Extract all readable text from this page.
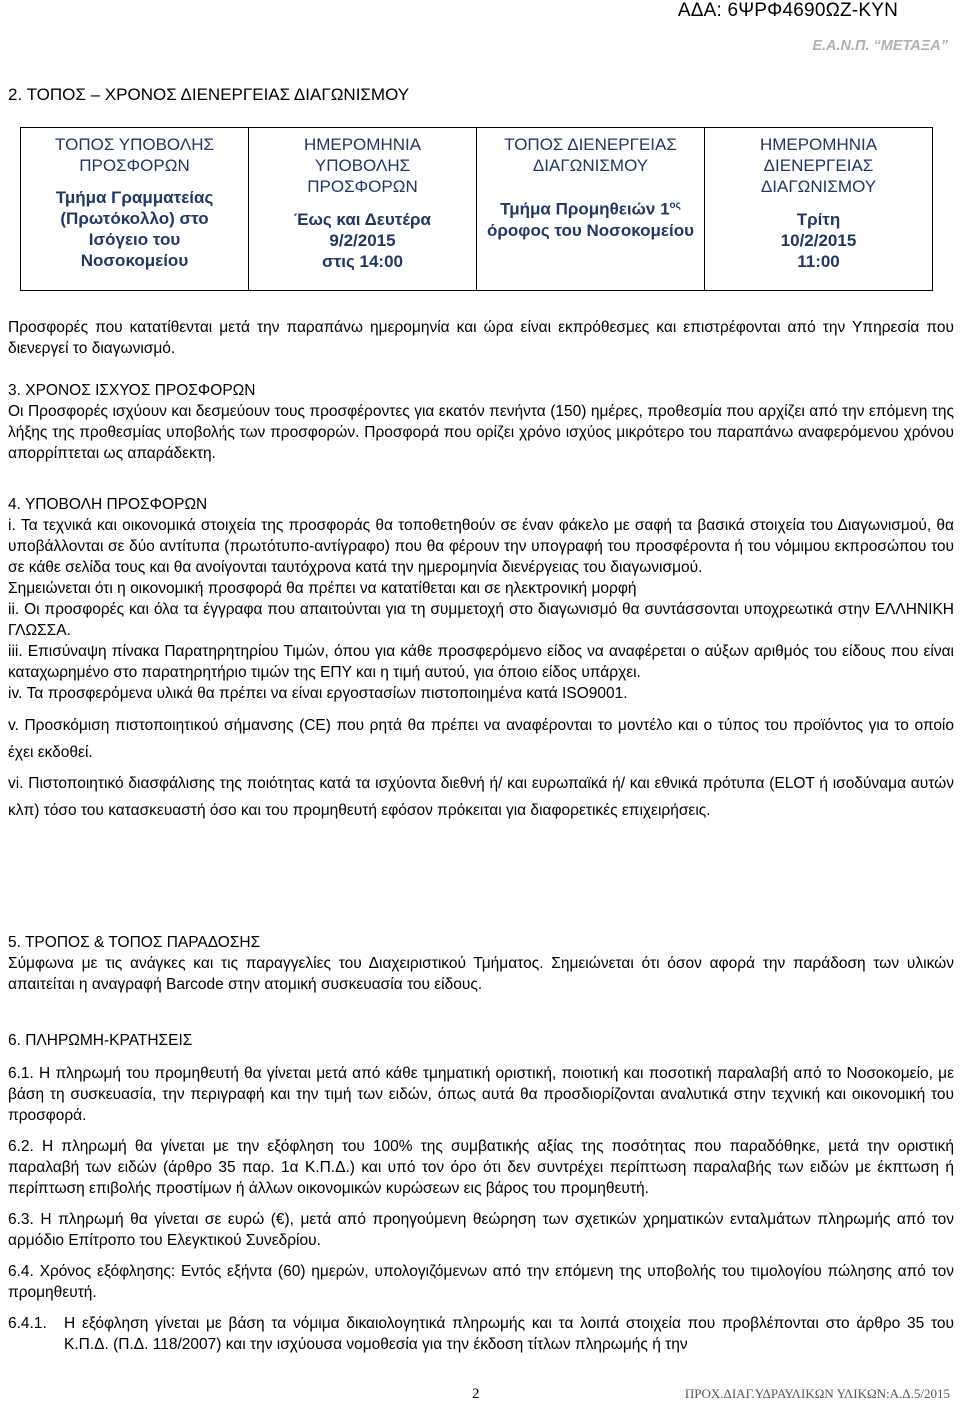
ΑΔΑ: 6ΨΡΦ4690ΩΖ-ΚΥΝ
Ε.Α.Ν.Π. “ΜΕΤΑΞΑ”
2. ΤΟΠΟΣ – ΧΡΟΝΟΣ ΔΙΕΝΕΡΓΕΙΑΣ ΔΙΑΓΩΝΙΣΜΟΥ
ΤΟΠΟΣ ΥΠΟΒΟΛΗΣ
ΠΡΟΣΦΟΡΩΝ
Τμήμα Γραμματείας
(Πρωτόκολλο) στο
Ισόγειο του
Νοσοκομείου

ΗΜΕΡΟΜΗΝΙΑ
ΥΠΟΒΟΛΗΣ
ΠΡΟΣΦΟΡΩΝ
Έως και Δευτέρα
9/2/2015
στις 14:00

ΤΟΠΟΣ ΔΙΕΝΕΡΓΕΙΑΣ
ΔΙΑΓΩΝΙΣΜΟΥ
Τμήμα Προμηθειών $1^{o\varsigma}$
όροφος του Νοσοκομείου

ΗΜΕΡΟΜΗΝΙΑ
ΔΙΕΝΕΡΓΕΙΑΣ
ΔΙΑΓΩΝΙΣΜΟΥ
Τρίτη
10/2/2015
11:00

Προσφορές που κατατίθενται μετά την παραπάνω ημερομηνία και ώρα είναι εκπρόθεσμες και επιστρέφονται από την Υπηρεσία που διενεργεί το διαγωνισμό.

3. ΧΡΟΝΟΣ ΙΣΧΥΟΣ ΠΡΟΣΦΟΡΩΝ

Οι Προσφορές ισχύουν και δεσμεύουν τους προσφέροντες για εκατόν πενήντα (150) ημέρες, προθεσμία που αρχίζει από την επόμενη της λήξης της προθεσμίας υποβολής των προσφορών. Προσφορά που ορίζει χρόνο ισχύος μικρότερο του παραπάνω αναφερόμενου χρόνου απορρίπτεται ως απαράδεκτη.

4. ΥΠΟΒΟΛΗ ΠΡΟΣΦΟΡΩΝ

i. Τα τεχνικά και οικονομικά στοιχεία της προσφοράς θα τοποθετηθούν σε έναν φάκελο με σαφή τα βασικά στοιχεία του Διαγωνισμού, θα υποβάλλονται σε δύο αντίτυπα (πρωτότυπο-αντίγραφο) που θα φέρουν την υπογραφή του προσφέροντα ή του νόμιμου εκπροσώπου του σε κάθε σελίδα τους και θα ανοίγονται ταυτόχρονα κατά την ημερομηνία διενέργειας του διαγωνισμού.

Σημειώνεται ότι η οικονομική προσφορά θα πρέπει να κατατίθεται και σε ηλεκτρονική μορφή

ii. Οι προσφορές και όλα τα έγγραφα που απαιτούνται για τη συμμετοχή στο διαγωνισμό θα συντάσσονται υποχρεωτικά στην ΕΛΛΗΝΙΚΗ ΓΛΩΣΣΑ.

iii. Επισύναψη πίνακα Παρατηρητηρίου Τιμών, όπου για κάθε προσφερόμενο είδος να αναφέρεται ο αύξων αριθμός του είδους που είναι καταχωρημένο στο παρατηρητήριο τιμών της ΕΠΥ και η τιμή αυτού, για όποιο είδος υπάρχει.

iv. Τα προσφερόμενα υλικά θα πρέπει να είναι εργοστασίων πιστοποιημένα κατά ISO9001.

v. Προσκόμιση πιστοποιητικού σήμανσης (CE) που ρητά θα πρέπει να αναφέρονται το μοντέλο και ο τύπος του προϊόντος για το οποίο έχει εκδοθεί.

vi. Πιστοποιητικό διασφάλισης της ποιότητας κατά τα ισχύοντα διεθνή ή/ και ευρωπαϊκά ή/ και εθνικά πρότυπα (ELOT ή ισοδύναμα αυτών κλπ) τόσο του κατασκευαστή όσο και του προμηθευτή εφόσον πρόκειται για διαφορετικές επιχειρήσεις.

5. ΤΡΟΠΟΣ & ΤΟΠΟΣ ΠΑΡΑΔΟΣΗΣ

Σύμφωνα με τις ανάγκες και τις παραγγελίες του Διαχειριστικού Τμήματος. Σημειώνεται ότι όσον αφορά την παράδοση των υλικών απαιτείται η αναγραφή Barcode στην ατομική συσκευασία του είδους.

6. ΠΛΗΡΩΜΗ-ΚΡΑΤΗΣΕΙΣ

6.1. Η πληρωμή του προμηθευτή θα γίνεται μετά από κάθε τμηματική οριστική, ποιοτική και ποσοτική παραλαβή από το Νοσοκομείο, με βάση τη συσκευασία, την περιγραφή και την τιμή των ειδών, όπως αυτά θα προσδιορίζονται αναλυτικά στην τεχνική και οικονομική του προσφορά.

6.2. Η πληρωμή θα γίνεται με την εξόφληση του 100% της συμβατικής αξίας της ποσότητας που παραδόθηκε, μετά την οριστική παραλαβή των ειδών (άρθρο 35 παρ. 1α Κ.Π.Δ.) και υπό τον όρο ότι δεν συντρέχει περίπτωση παραλαβής των ειδών με έκπτωση ή περίπτωση επιβολής προστίμων ή άλλων οικονομικών κυρώσεων εις βάρος του προμηθευτή.

6.3. Η πληρωμή θα γίνεται σε ευρώ (€), μετά από προηγούμενη θεώρηση των σχετικών χρηματικών ενταλμάτων πληρωμής από τον αρμόδιο Επίτροπο του Ελεγκτικού Συνεδρίου.

6.4. Χρόνος εξόφλησης: Εντός εξήντα (60) ημερών, υπολογιζόμενων από την επόμενη της υποβολής του τιμολογίου πώλησης από τον προμηθευτή.

6.4.1.	Η εξόφληση γίνεται με βάση τα νόμιμα δικαιολογητικά πληρωμής και τα λοιπά στοιχεία που προβλέπονται στο άρθρο 35 του Κ.Π.Δ. (Π.Δ. 118/2007) και την ισχύουσα νομοθεσία για την έκδοση τίτλων πληρωμής ή την
2	ΠΡΟΧ.ΔΙΑΓ.ΥΔΡΑΥΛΙΚΩΝ ΥΛΙΚΩΝ:Α.Δ.5/2015
